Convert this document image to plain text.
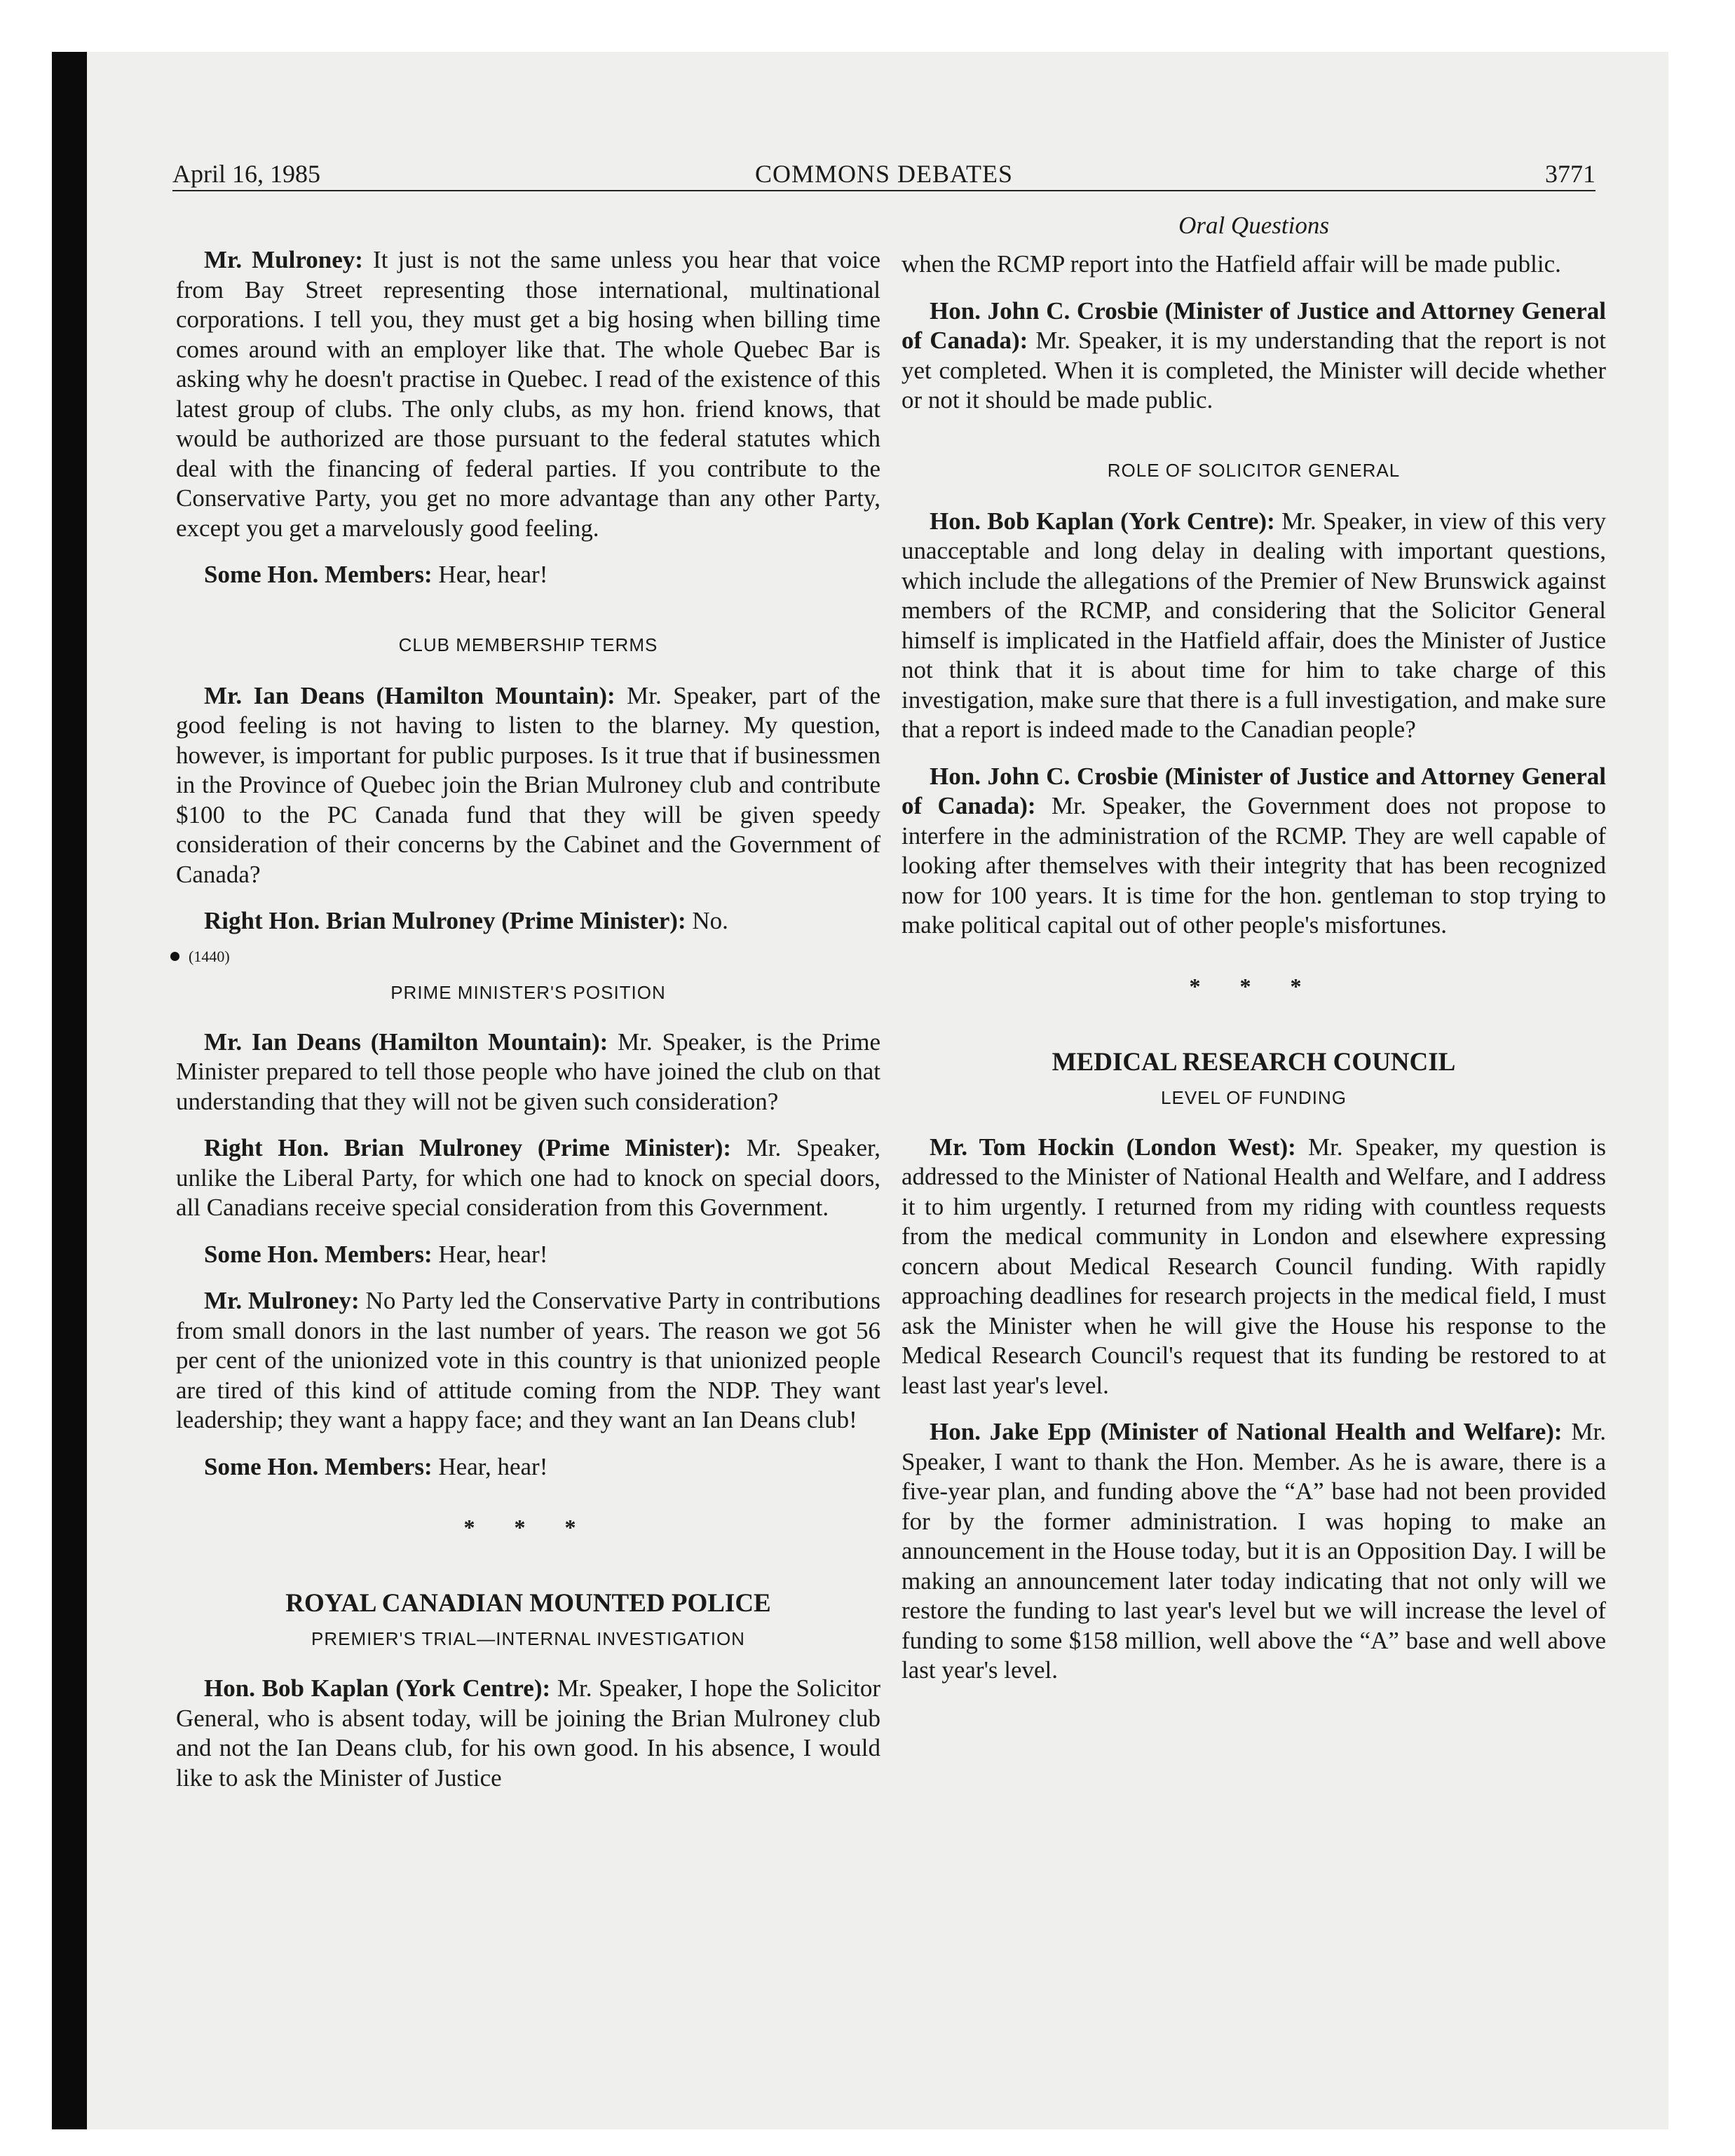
April 16, 1985	COMMONS DEBATES	3771

Mr. Mulroney: It just is not the same unless you hear that voice from Bay Street representing those international, multinational corporations. I tell you, they must get a big hosing when billing time comes around with an employer like that. The whole Quebec Bar is asking why he doesn't practise in Quebec. I read of the existence of this latest group of clubs. The only clubs, as my hon. friend knows, that would be authorized are those pursuant to the federal statutes which deal with the financing of federal parties. If you contribute to the Conservative Party, you get no more advantage than any other Party, except you get a marvelously good feeling.

Some Hon. Members: Hear, hear!

CLUB MEMBERSHIP TERMS

Mr. Ian Deans (Hamilton Mountain): Mr. Speaker, part of the good feeling is not having to listen to the blarney. My question, however, is important for public purposes. Is it true that if businessmen in the Province of Quebec join the Brian Mulroney club and contribute $100 to the PC Canada fund that they will be given speedy consideration of their concerns by the Cabinet and the Government of Canada?

Right Hon. Brian Mulroney (Prime Minister): No.

(1440)
PRIME MINISTER'S POSITION

Mr. Ian Deans (Hamilton Mountain): Mr. Speaker, is the Prime Minister prepared to tell those people who have joined the club on that understanding that they will not be given such consideration?

Right Hon. Brian Mulroney (Prime Minister): Mr. Speaker, unlike the Liberal Party, for which one had to knock on special doors, all Canadians receive special consideration from this Government.

Some Hon. Members: Hear, hear!

Mr. Mulroney: No Party led the Conservative Party in contributions from small donors in the last number of years. The reason we got 56 per cent of the unionized vote in this country is that unionized people are tired of this kind of attitude coming from the NDP. They want leadership; they want a happy face; and they want an Ian Deans club!

Some Hon. Members: Hear, hear!

* * *
ROYAL CANADIAN MOUNTED POLICE
PREMIER'S TRIAL—INTERNAL INVESTIGATION

Hon. Bob Kaplan (York Centre): Mr. Speaker, I hope the Solicitor General, who is absent today, will be joining the Brian Mulroney club and not the Ian Deans club, for his own good. In his absence, I would like to ask the Minister of Justice

Oral Questions

when the RCMP report into the Hatfield affair will be made public.

Hon. John C. Crosbie (Minister of Justice and Attorney General of Canada): Mr. Speaker, it is my understanding that the report is not yet completed. When it is completed, the Minister will decide whether or not it should be made public.

ROLE OF SOLICITOR GENERAL

Hon. Bob Kaplan (York Centre): Mr. Speaker, in view of this very unacceptable and long delay in dealing with important questions, which include the allegations of the Premier of New Brunswick against members of the RCMP, and considering that the Solicitor General himself is implicated in the Hatfield affair, does the Minister of Justice not think that it is about time for him to take charge of this investigation, make sure that there is a full investigation, and make sure that a report is indeed made to the Canadian people?

Hon. John C. Crosbie (Minister of Justice and Attorney General of Canada): Mr. Speaker, the Government does not propose to interfere in the administration of the RCMP. They are well capable of looking after themselves with their integrity that has been recognized now for 100 years. It is time for the hon. gentleman to stop trying to make political capital out of other people's misfortunes.

* * *
MEDICAL RESEARCH COUNCIL
LEVEL OF FUNDING

Mr. Tom Hockin (London West): Mr. Speaker, my question is addressed to the Minister of National Health and Welfare, and I address it to him urgently. I returned from my riding with countless requests from the medical community in London and elsewhere expressing concern about Medical Research Council funding. With rapidly approaching deadlines for research projects in the medical field, I must ask the Minister when he will give the House his response to the Medical Research Council's request that its funding be restored to at least last year's level.

Hon. Jake Epp (Minister of National Health and Welfare): Mr. Speaker, I want to thank the Hon. Member. As he is aware, there is a five-year plan, and funding above the “A” base had not been provided for by the former administration. I was hoping to make an announcement in the House today, but it is an Opposition Day. I will be making an announcement later today indicating that not only will we restore the funding to last year's level but we will increase the level of funding to some $158 million, well above the “A” base and well above last year's level.
